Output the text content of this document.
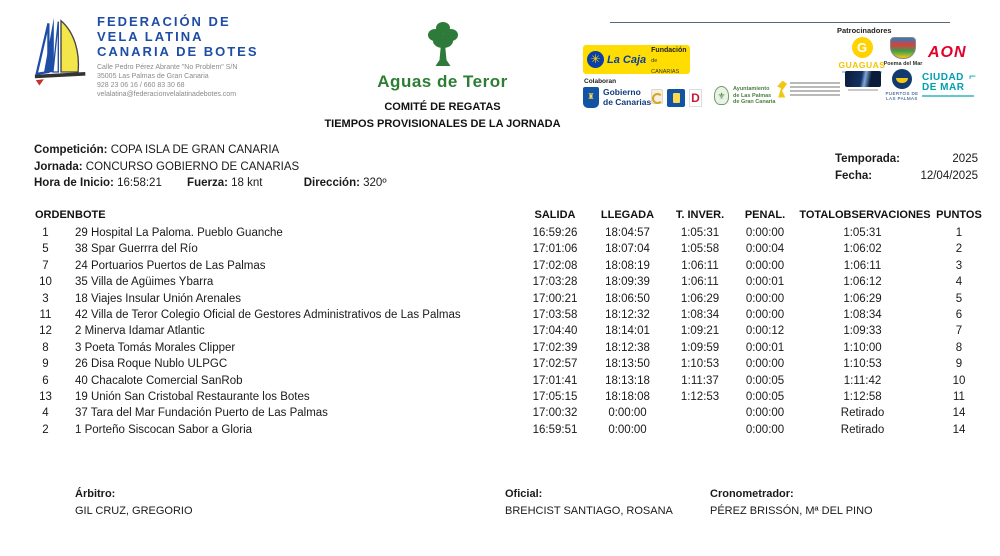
FEDERACIÓN DE
VELA LATINA
CANARIA DE BOTES
Calle Pedro Pérez Abrante "No Problem" S/N
35005 Las Palmas de Gran Canaria
928 23 06 16 / 660 83 30 68
velalatina@federacionvelalatinadebotes.com
Aguas de Teror
COMITÉ DE REGATAS
TIEMPOS PROVISIONALES DE LA JORNADA
Patrocinadores
✳ La Caja
Fundación
de CANARIAS
Colaboran
♜ Gobierno
de Canarias	D	⚜
Ayuntamiento
de Las Palmas
de Gran Canaria
G
GUAGUAS
Poema del Mar
AON
PUERTOS DE LAS PALMAS
⌐
CIUDAD
DE MAR
Competición: COPA ISLA DE GRAN CANARIA
Jornada: CONCURSO GOBIERNO DE CANARIAS
Hora de Inicio: 16:58:21 Fuerza: 18 knt	Dirección: 320º
Temporada:	2025
Fecha:	12/04/2025
ORDEN	BOTE	SALIDA	LLEGADA	T. INVER.	PENAL.	TOTAL	OBSERVACIONES	PUNTOS
1	29 Hospital La Paloma. Pueblo Guanche	16:59:26	18:04:57	1:05:31	0:00:00	1:05:31		1
5	38 Spar Guerrra del Río	17:01:06	18:07:04	1:05:58	0:00:04	1:06:02		2
7	24 Portuarios Puertos de Las Palmas	17:02:08	18:08:19	1:06:11	0:00:00	1:06:11		3
10	35 Villa de Agüimes Ybarra	17:03:28	18:09:39	1:06:11	0:00:01	1:06:12		4
3	18 Viajes Insular Unión Arenales	17:00:21	18:06:50	1:06:29	0:00:00	1:06:29		5
11	42 Villa de Teror Colegio Oficial de Gestores Administrativos de Las Palmas	17:03:58	18:12:32	1:08:34	0:00:00	1:08:34		6
12	2 Minerva Idamar Atlantic	17:04:40	18:14:01	1:09:21	0:00:12	1:09:33		7
8	3 Poeta Tomás Morales Clipper	17:02:39	18:12:38	1:09:59	0:00:01	1:10:00		8
9	26 Disa Roque Nublo ULPGC	17:02:57	18:13:50	1:10:53	0:00:00	1:10:53		9
6	40 Chacalote Comercial SanRob	17:01:41	18:13:18	1:11:37	0:00:05	1:11:42		10
13	19 Unión San Cristobal Restaurante los Botes	17:05:15	18:18:08	1:12:53	0:00:05	1:12:58		11
4	37 Tara del Mar Fundación Puerto de Las Palmas	17:00:32	0:00:00		0:00:00	Retirado		14
2	1 Porteño Siscocan Sabor a Gloria	16:59:51	0:00:00		0:00:00	Retirado		14
Árbitro:
GIL CRUZ, GREGORIO
Oficial:
BREHCIST SANTIAGO, ROSANA
Cronometrador:
PÉREZ BRISSÓN, Mª DEL PINO
